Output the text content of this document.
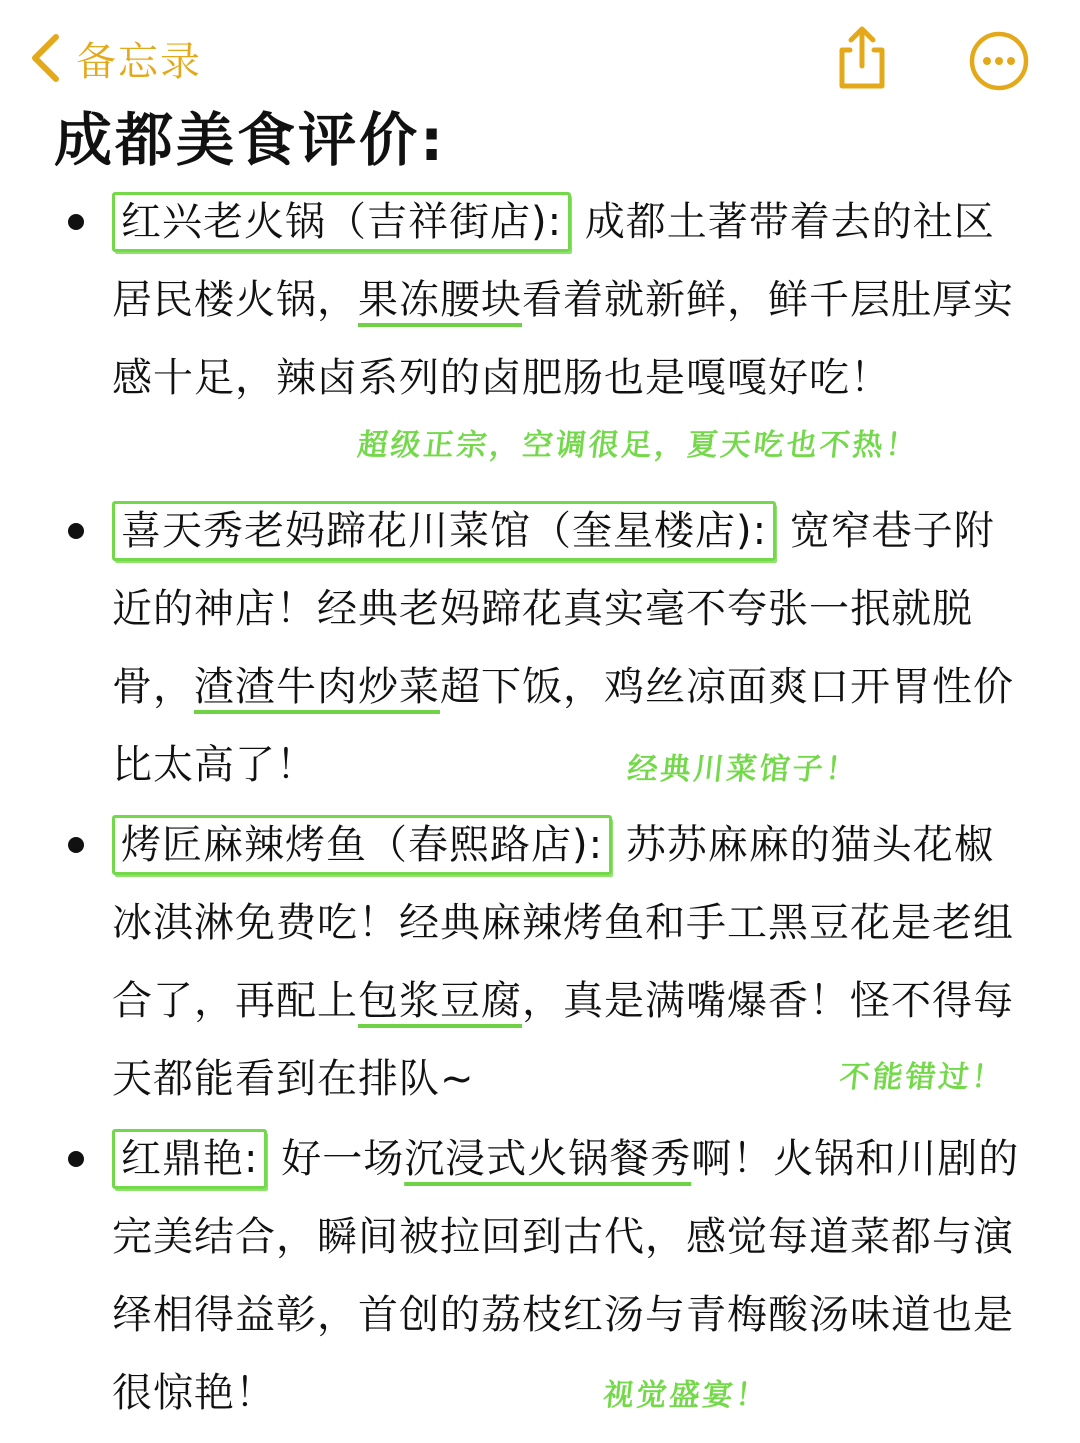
备忘录
成都美食评价:

红兴老火锅（吉祥街店): 成都土著带着去的社区居民楼火锅，果冻腰块看着就新鲜，鲜千层肚厚实感十足，辣卤系列的卤肥肠也是嘎嘎好吃！

超级正宗，空调很足，夏天吃也不热！

喜天秀老妈蹄花川菜馆（奎星楼店): 宽窄巷子附近的神店！经典老妈蹄花真实毫不夸张一抿就脱骨，渣渣牛肉炒菜超下饭，鸡丝凉面爽口开胃性价比太高了！	经典川菜馆子！

烤匠麻辣烤鱼（春熙路店): 苏苏麻麻的猫头花椒冰淇淋免费吃！经典麻辣烤鱼和手工黑豆花是老组合了，再配上包浆豆腐，真是满嘴爆香！怪不得每天都能看到在排队~	不能错过！

红鼎艳: 好一场沉浸式火锅餐秀啊！火锅和川剧的完美结合，瞬间被拉回到古代，感觉每道菜都与演绎相得益彰，首创的荔枝红汤与青梅酸汤味道也是很惊艳！	视觉盛宴！
